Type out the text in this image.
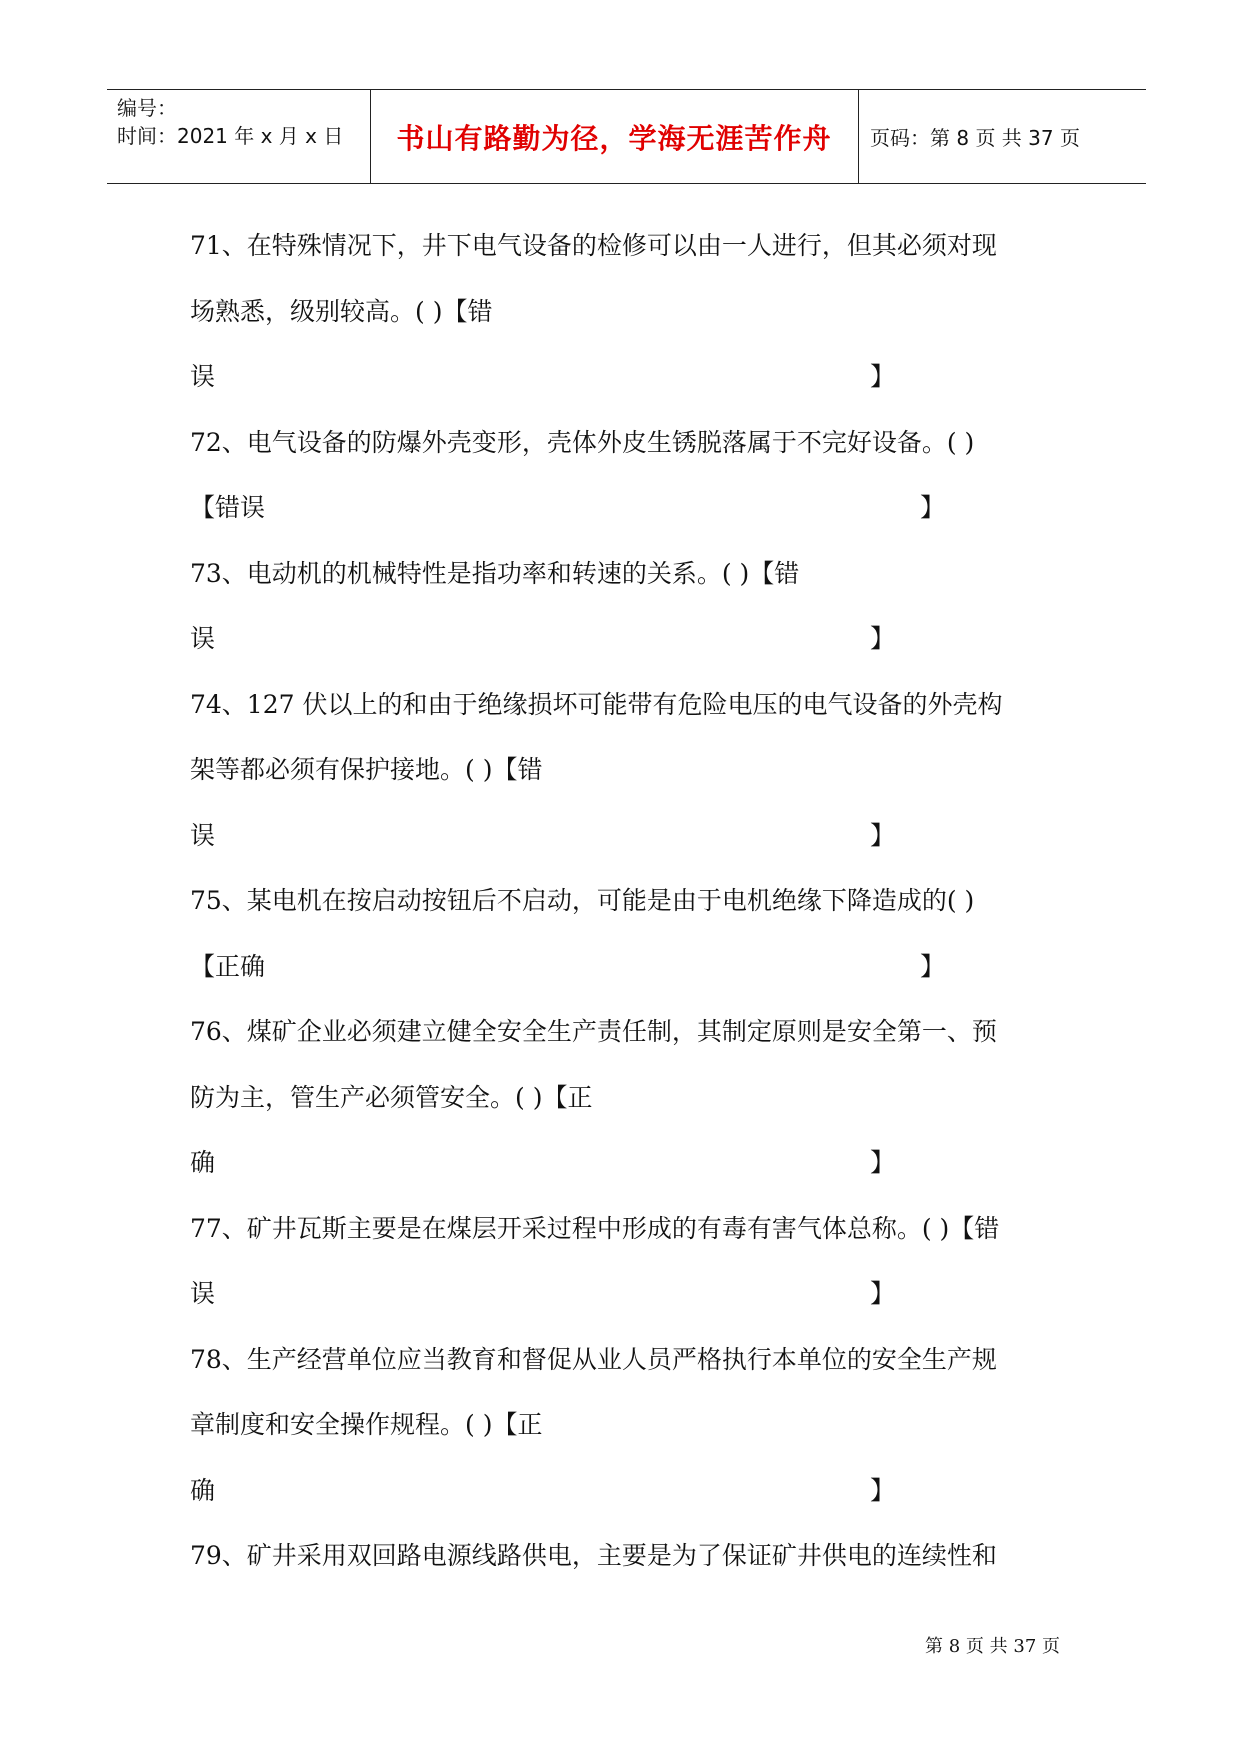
编号：
时间：2021 年 x 月 x 日 书山有路勤为径，学海无涯苦作舟 页码：第 8 页 共 37 页
71、在特殊情况下，井下电气设备的检修可以由一人进行，但其必须对现
场熟悉，级别较高。( )【错
误	】
72、电气设备的防爆外壳变形，壳体外皮生锈脱落属于不完好设备。( )
【错误	】
73、电动机的机械特性是指功率和转速的关系。( )【错
误	】
74、127 伏以上的和由于绝缘损坏可能带有危险电压的电气设备的外壳构
架等都必须有保护接地。( )【错
误	】
75、某电机在按启动按钮后不启动，可能是由于电机绝缘下降造成的( )
【正确	】
76、煤矿企业必须建立健全安全生产责任制，其制定原则是安全第一、预
防为主，管生产必须管安全。( )【正
确	】
77、矿井瓦斯主要是在煤层开采过程中形成的有毒有害气体总称。( )【错
误	】
78、生产经营单位应当教育和督促从业人员严格执行本单位的安全生产规
章制度和安全操作规程。( )【正
确	】
79、矿井采用双回路电源线路供电，主要是为了保证矿井供电的连续性和
第 8 页 共 37 页
